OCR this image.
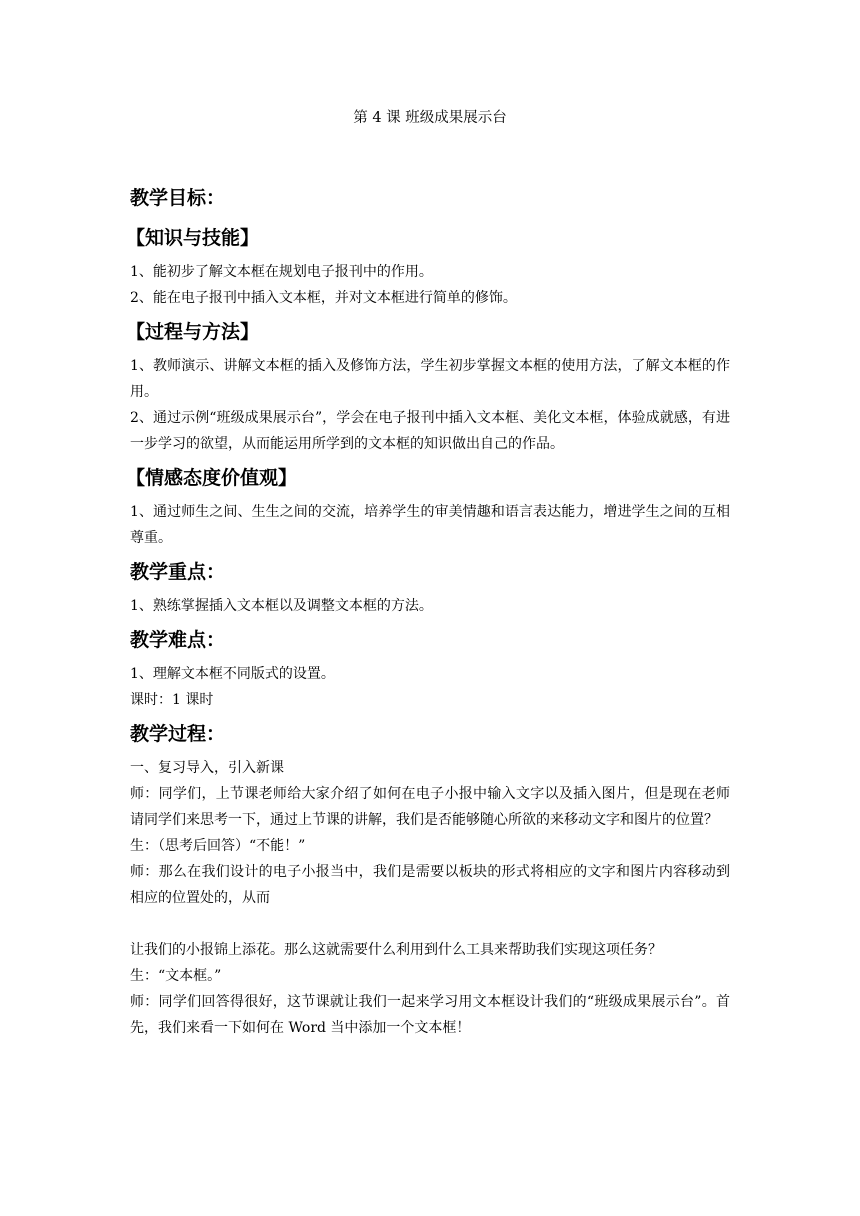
第 4 课 班级成果展示台
教学目标：
【知识与技能】

1、能初步了解文本框在规划电子报刊中的作用。

2、能在电子报刊中插入文本框，并对文本框进行简单的修饰。

【过程与方法】

1、教师演示、讲解文本框的插入及修饰方法，学生初步掌握文本框的使用方法，了解文本框的作用。

2、通过示例“班级成果展示台”，学会在电子报刊中插入文本框、美化文本框，体验成就感，有进一步学习的欲望，从而能运用所学到的文本框的知识做出自己的作品。

【情感态度价值观】

1、通过师生之间、生生之间的交流，培养学生的审美情趣和语言表达能力，增进学生之间的互相尊重。

教学重点：

1、熟练掌握插入文本框以及调整文本框的方法。

教学难点：

1、理解文本框不同版式的设置。

课时：1 课时

教学过程：

一、复习导入，引入新课

师：同学们，上节课老师给大家介绍了如何在电子小报中输入文字以及插入图片，但是现在老师请同学们来思考一下，通过上节课的讲解，我们是否能够随心所欲的来移动文字和图片的位置？

生：（思考后回答）“不能！”

师：那么在我们设计的电子小报当中，我们是需要以板块的形式将相应的文字和图片内容移动到相应的位置处的，从而

让我们的小报锦上添花。那么这就需要什么利用到什么工具来帮助我们实现这项任务？

生：“文本框。”

师：同学们回答得很好，这节课就让我们一起来学习用文本框设计我们的“班级成果展示台”。首先，我们来看一下如何在 Word 当中添加一个文本框！
